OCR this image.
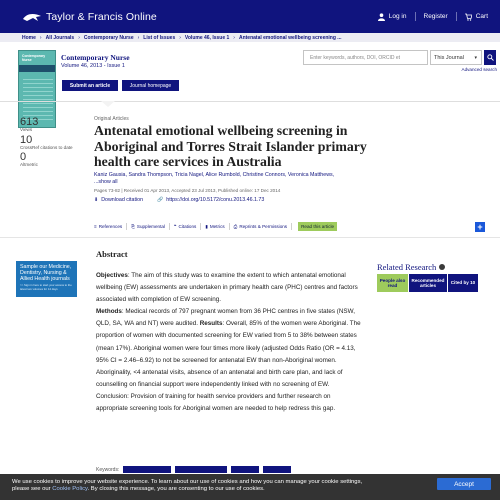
Taylor & Francis Online	Log in	Register	Cart
Home › All Journals › Contemporary Nurse › List of Issues › Volume 46, Issue 1 › Antenatal emotional wellbeing screening ...
Contemporary Nurse	Contemporary Nurse
Volume 46, 2013 - Issue 1
Submit an article	Journal homepage
Enter keywords, authors, DOI, ORCID et	This Journal ▾
Advanced search
613
Views
10
CrossRef citations to date
0
Altmetric
Original Articles
Antenatal emotional wellbeing screening in Aboriginal and Torres Strait Islander primary health care services in Australia
Kaniz Gausia, Sandra Thompson, Tricia Nagel, Alice Rumbold, Christine Connors, Veronica Matthews,
...show all
Pages 73-82 | Received 01 Apr 2013, Accepted 23 Jul 2013, Published online: 17 Dec 2014
⬇ Download citation	🔗 https://doi.org/10.5172/conu.2013.46.1.73
≡ References ⎘ Supplemental ❝ Citations ▮ Metrics ⎙ Reprints & Permissions	Read this article	+
Sample our Medicine, Dentistry, Nursing & Allied Health journals
>> Sign in here to start your access to the latest two volumes for 14 days
Abstract
Objectives: The aim of this study was to examine the extent to which antenatal emotional wellbeing (EW) assessments are undertaken in primary health care (PHC) centres and factors associated with completion of EW screening.
Methods: Medical records of 797 pregnant women from 36 PHC centres in five states (NSW, QLD, SA, WA and NT) were audited. Results: Overall, 85% of the women were Aboriginal. The proportion of women with documented screening for EW varied from 5 to 38% between states (mean 17%). Aboriginal women were four times more likely (adjusted Odds Ratio (OR = 4.13, 95% CI = 2.46–6.92) to not be screened for antenatal EW than non-Aboriginal women. Aboriginality, <4 antenatal visits, absence of an antenatal and birth care plan, and lack of counselling on financial support were independently linked with no screening of EW. Conclusion: Provision of training for health service providers and further research on appropriate screening tools for Aboriginal women are needed to help redress this gap.
Related Research
People also read
Recommended articles
Cited by 10
Keywords:
We use cookies to improve your website experience. To learn about our use of cookies and how you can manage your cookie settings,
please see our Cookie Policy. By closing this message, you are consenting to our use of cookies.
Accept
